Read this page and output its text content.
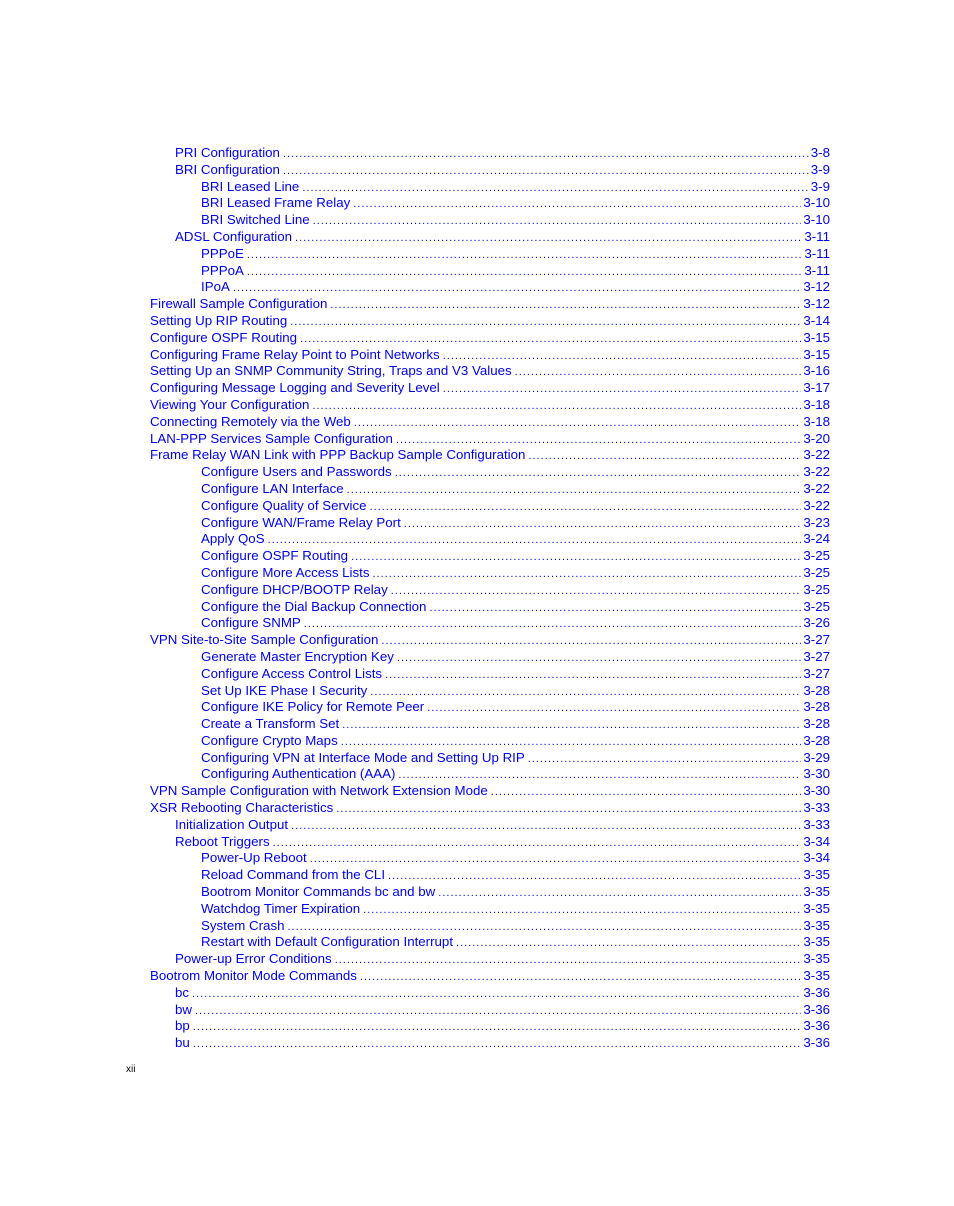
PRI Configuration .....	3-8
BRI Configuration .....	3-9
BRI Leased Line .....	3-9
BRI Leased Frame Relay .....	3-10
BRI Switched Line .....	3-10
ADSL Configuration .....	3-11
PPPoE .....	3-11
PPPoA .....	3-11
IPoA .....	3-12
Firewall Sample Configuration .....	3-12
Setting Up RIP Routing .....	3-14
Configure OSPF Routing .....	3-15
Configuring Frame Relay Point to Point Networks .....	3-15
Setting Up an SNMP Community String, Traps and V3 Values .....	3-16
Configuring Message Logging and Severity Level .....	3-17
Viewing Your Configuration .....	3-18
Connecting Remotely via the Web .....	3-18
LAN-PPP Services Sample Configuration .....	3-20
Frame Relay WAN Link with PPP Backup Sample Configuration .....	3-22
Configure Users and Passwords .....	3-22
Configure LAN Interface .....	3-22
Configure Quality of Service .....	3-22
Configure WAN/Frame Relay Port .....	3-23
Apply QoS .....	3-24
Configure OSPF Routing .....	3-25
Configure More Access Lists .....	3-25
Configure DHCP/BOOTP Relay .....	3-25
Configure the Dial Backup Connection .....	3-25
Configure SNMP .....	3-26
VPN Site-to-Site Sample Configuration .....	3-27
Generate Master Encryption Key .....	3-27
Configure Access Control Lists .....	3-27
Set Up IKE Phase I Security .....	3-28
Configure IKE Policy for Remote Peer .....	3-28
Create a Transform Set .....	3-28
Configure Crypto Maps .....	3-28
Configuring VPN at Interface Mode and Setting Up RIP .....	3-29
Configuring Authentication (AAA) .....	3-30
VPN Sample Configuration with Network Extension Mode .....	3-30
XSR Rebooting Characteristics .....	3-33
Initialization Output .....	3-33
Reboot Triggers .....	3-34
Power-Up Reboot .....	3-34
Reload Command from the CLI .....	3-35
Bootrom Monitor Commands bc and bw .....	3-35
Watchdog Timer Expiration .....	3-35
System Crash .....	3-35
Restart with Default Configuration Interrupt .....	3-35
Power-up Error Conditions .....	3-35
Bootrom Monitor Mode Commands .....	3-35
bc .....	3-36
bw .....	3-36
bp .....	3-36
bu .....	3-36
xii
